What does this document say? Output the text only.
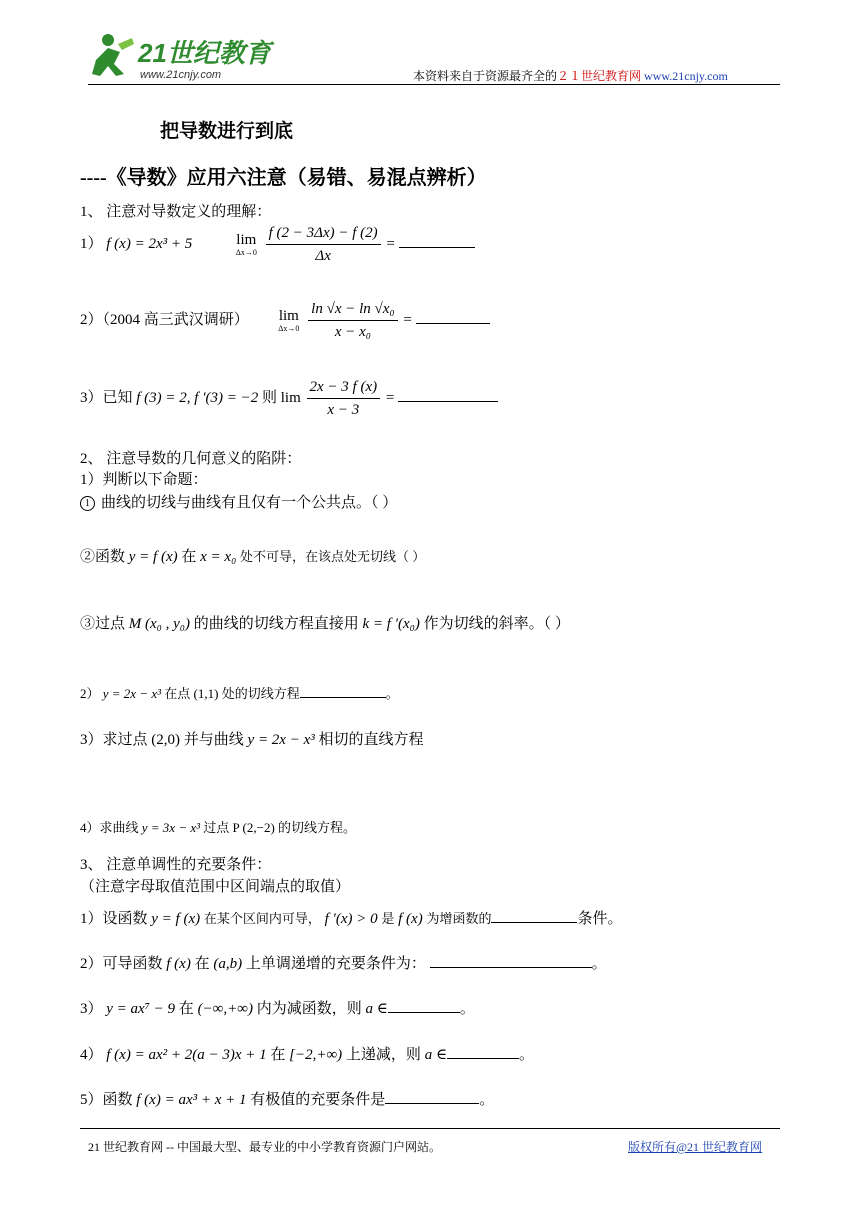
21世纪教育
www.21cnjy.com	本资料来自于资源最齐全的２１世纪教育网 www.21cnjy.com
把导数进行到底
----《导数》应用六注意（易错、易混点辨析）
1、 注意对导数定义的理解：
1） f (x) = 2x³ + 5	lim
Δx→0
$\frac{f (2 - 3\Delta x) - f (2)}{\Delta x}$ =
2）（2004 高三武汉调研） lim
Δx→0
$\frac{\text{ln √x − ln √x₀}}{\text{x − x₀}}$ =
3）已知 f (3) = 2, f ′(3) = −2 则 $\lim \frac{2x - 3 f (x)}{x - 3}$ =
2、 注意导数的几何意义的陷阱：
1）判断以下命题：
1 曲线的切线与曲线有且仅有一个公共点。（ ）
②函数 y = f (x) 在 x = x₀ 处不可导，在该点处无切线（ ）
③过点 M (x₀ , y₀) 的曲线的切线方程直接用 k = f ′(x₀) 作为切线的斜率。（ ）
2） y = 2x − x³ 在点 (1,1) 处的切线方程	。
3）求过点 (2,0) 并与曲线 y = 2x − x³ 相切的直线方程
4）求曲线 y = 3x − x³ 过点 P (2,−2) 的切线方程。
3、 注意单调性的充要条件：
（注意字母取值范围中区间端点的取值）
1）设函数 y = f (x) 在某个区间内可导， f ′(x) > 0 是 f (x) 为增函数的	条件。
2）可导函数 f (x) 在 (a,b) 上单调递增的充要条件为：	。
3） y = ax⁷ − 9 在 (−∞,+∞) 内为减函数，则 a ∈	。
4） f (x) = ax² + 2(a − 3)x + 1 在 [−2,+∞) 上递减，则 a ∈	。
5）函数 f (x) = ax³ + x + 1 有极值的充要条件是	。
21 世纪教育网 -- 中国最大型、最专业的中小学教育资源门户网站。	版权所有@21 世纪教育网
